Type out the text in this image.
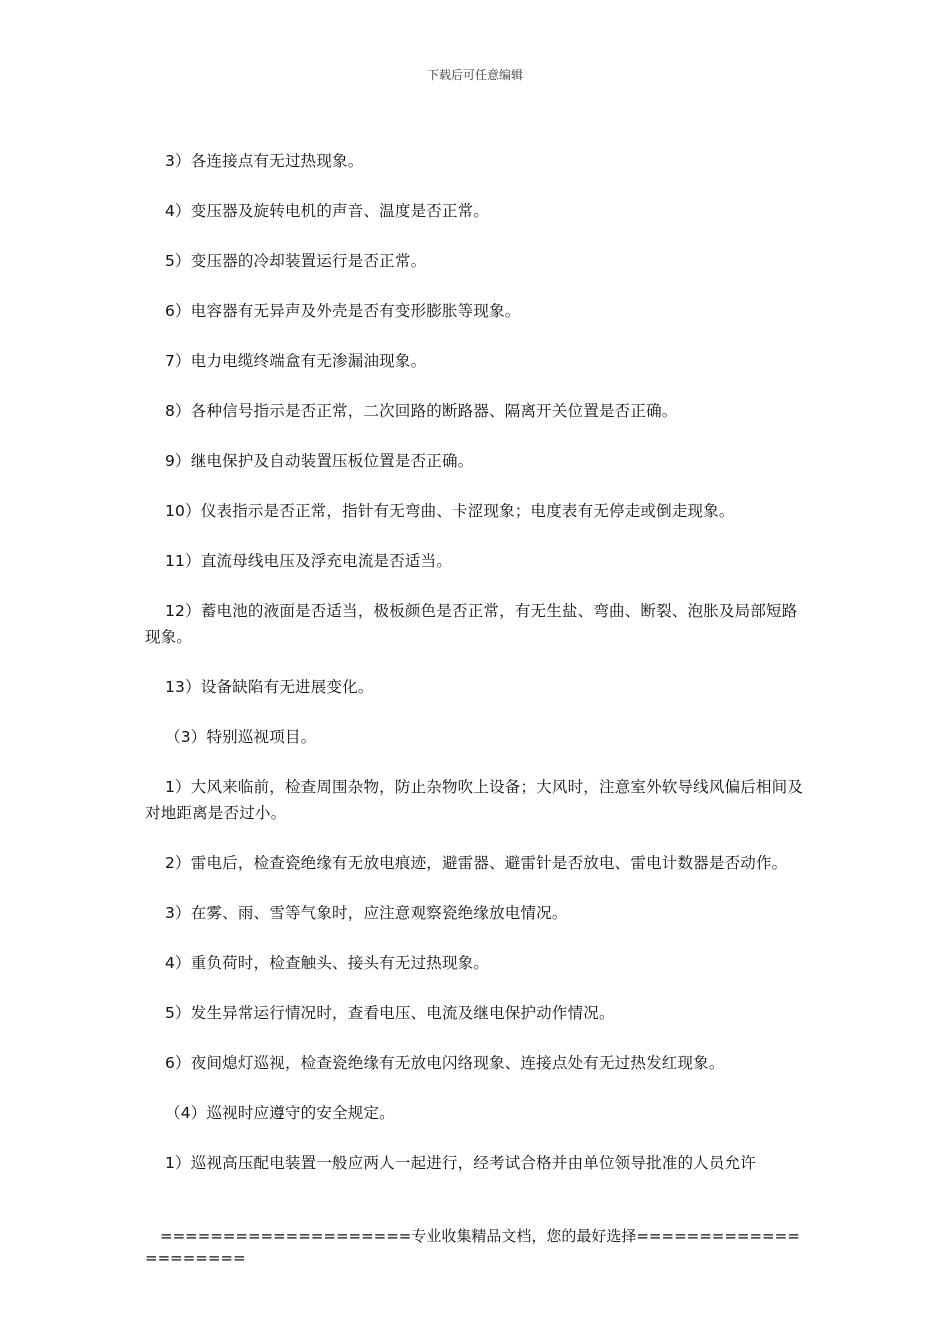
下载后可任意编辑

3）各连接点有无过热现象。

4）变压器及旋转电机的声音、温度是否正常。

5）变压器的冷却装置运行是否正常。

6）电容器有无异声及外壳是否有变形膨胀等现象。

7）电力电缆终端盒有无渗漏油现象。

8）各种信号指示是否正常，二次回路的断路器、隔离开关位置是否正确。

9）继电保护及自动装置压板位置是否正确。

10）仪表指示是否正常，指针有无弯曲、卡涩现象；电度表有无停走或倒走现象。

11）直流母线电压及浮充电流是否适当。

12）蓄电池的液面是否适当，极板颜色是否正常，有无生盐、弯曲、断裂、泡胀及局部短路现象。

13）设备缺陷有无进展变化。

（3）特别巡视项目。

1）大风来临前，检查周围杂物，防止杂物吹上设备；大风时，注意室外软导线风偏后相间及对地距离是否过小。

2）雷电后，检查瓷绝缘有无放电痕迹，避雷器、避雷针是否放电、雷电计数器是否动作。

3）在雾、雨、雪等气象时，应注意观察瓷绝缘放电情况。

4）重负荷时，检查触头、接头有无过热现象。

5）发生异常运行情况时，查看电压、电流及继电保护动作情况。

6）夜间熄灯巡视，检查瓷绝缘有无放电闪络现象、连接点处有无过热发红现象。

（4）巡视时应遵守的安全规定。

1）巡视高压配电装置一般应两人一起进行，经考试合格并由单位领导批准的人员允许

====================专业收集精品文档，您的最好选择=====================
